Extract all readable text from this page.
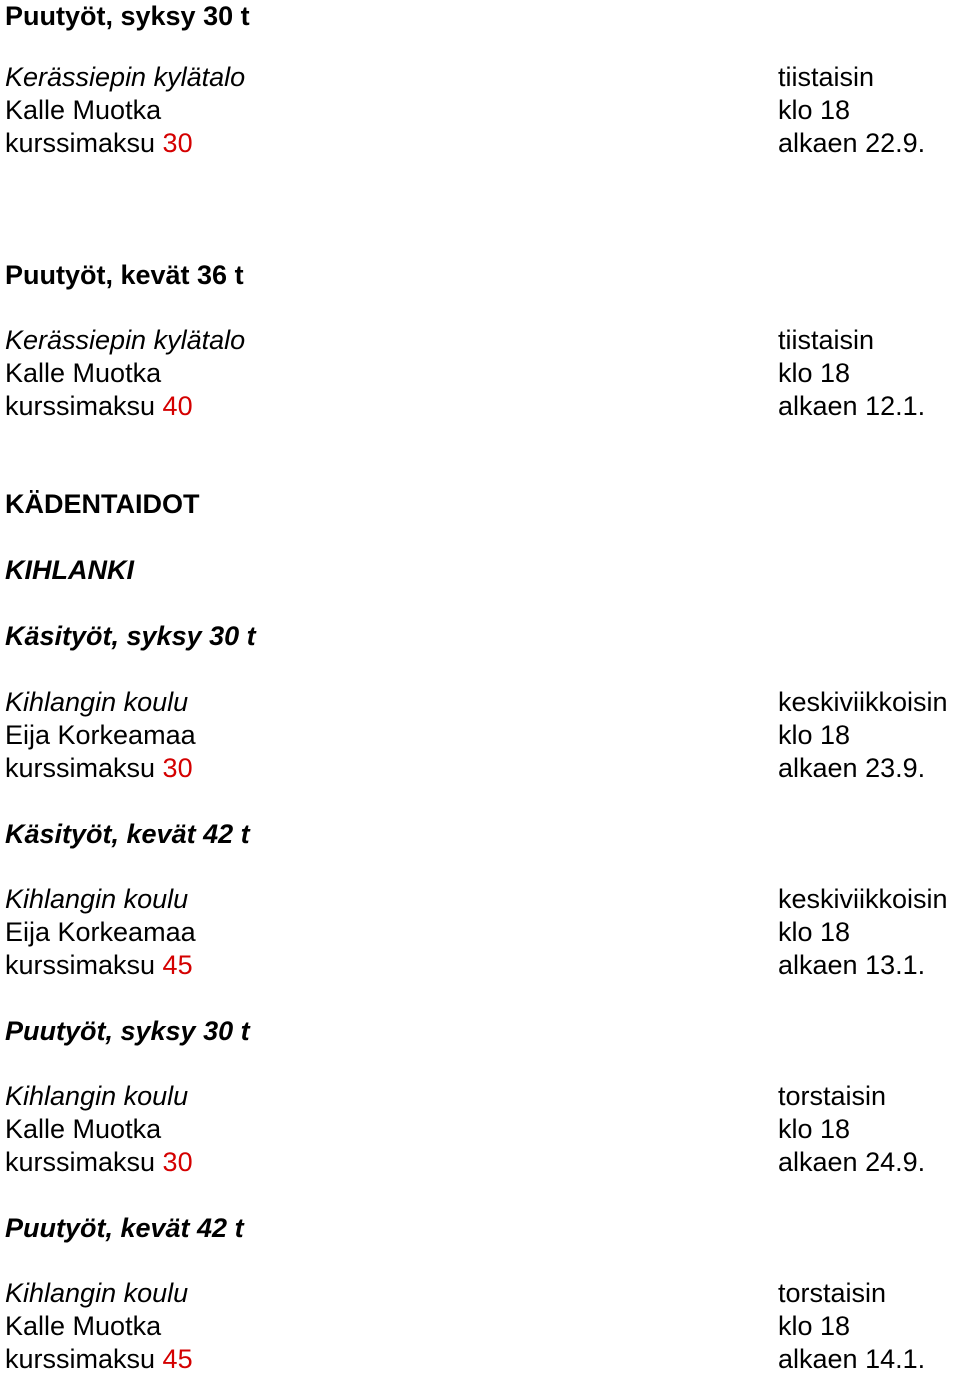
Puutyöt, syksy 30 t
Kerässiepin kylätalo	tiistaisin
Kalle Muotka	klo 18
kurssimaksu 30	alkaen 22.9.
Puutyöt, kevät 36 t
Kerässiepin kylätalo	tiistaisin
Kalle Muotka	klo 18
kurssimaksu 40	alkaen 12.1.
KÄDENTAIDOT
KIHLANKI
Käsityöt, syksy 30 t
Kihlangin koulu	keskiviikkoisin
Eija Korkeamaa	klo 18
kurssimaksu 30	alkaen 23.9.
Käsityöt, kevät 42 t
Kihlangin koulu	keskiviikkoisin
Eija Korkeamaa	klo 18
kurssimaksu 45	alkaen 13.1.
Puutyöt, syksy 30 t
Kihlangin koulu	torstaisin
Kalle Muotka	klo 18
kurssimaksu 30	alkaen 24.9.
Puutyöt, kevät 42 t
Kihlangin koulu	torstaisin
Kalle Muotka	klo 18
kurssimaksu 45	alkaen 14.1.
